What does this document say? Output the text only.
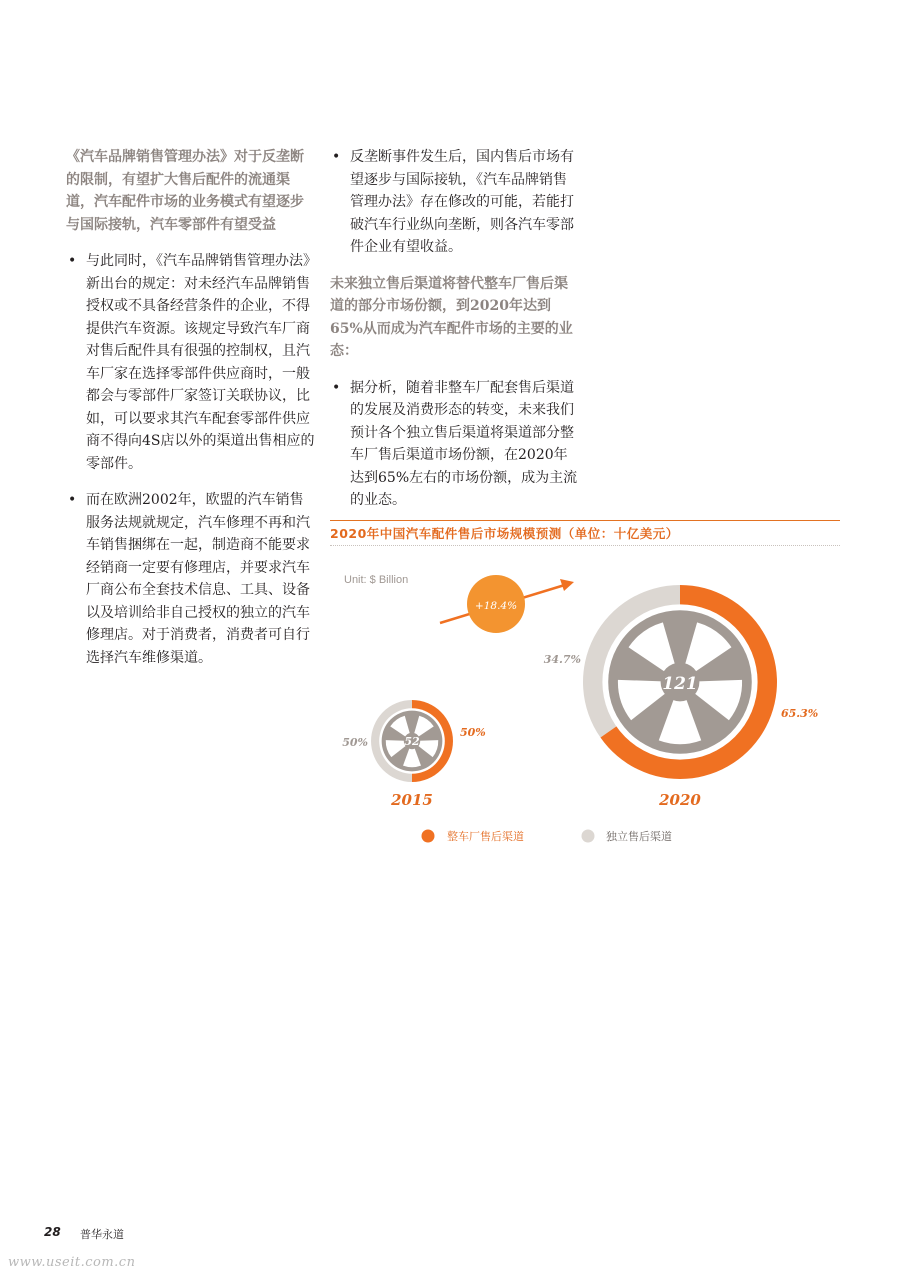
《汽车品牌销售管理办法》对于反垄断的限制，有望扩大售后配件的流通渠道，汽车配件市场的业务模式有望逐步与国际接轨，汽车零部件有望受益

• 与此同时，《汽车品牌销售管理办法》新出台的规定：对未经汽车品牌销售授权或不具备经营条件的企业，不得提供汽车资源。该规定导致汽车厂商对售后配件具有很强的控制权，且汽车厂家在选择零部件供应商时，一般都会与零部件厂家签订关联协议，比如，可以要求其汽车配套零部件供应商不得向4S店以外的渠道出售相应的零部件。
• 而在欧洲2002年，欧盟的汽车销售服务法规就规定，汽车修理不再和汽车销售捆绑在一起，制造商不能要求经销商一定要有修理店，并要求汽车厂商公布全套技术信息、工具、设备以及培训给非自己授权的独立的汽车修理店。对于消费者，消费者可自行选择汽车维修渠道。
• 反垄断事件发生后，国内售后市场有望逐步与国际接轨，《汽车品牌销售管理办法》存在修改的可能，若能打破汽车行业纵向垄断，则各汽车零部件企业有望收益。

未来独立售后渠道将替代整车厂售后渠道的部分市场份额，到2020年达到65%从而成为汽车配件市场的主要的业态：

• 据分析，随着非整车厂配套售后渠道的发展及消费形态的转变，未来我们预计各个独立售后渠道将渠道部分整车厂售后渠道市场份额，在2020年达到65%左右的市场份额，成为主流的业态。
2020年中国汽车配件售后市场规模预测（单位：十亿美元）
Unit: $ Billion
+18.4%
52
50%
50%
2015
121
34.7%
65.3%
2020
整车厂售后渠道	独立售后渠道
28 普华永道
www.useit.com.cn
